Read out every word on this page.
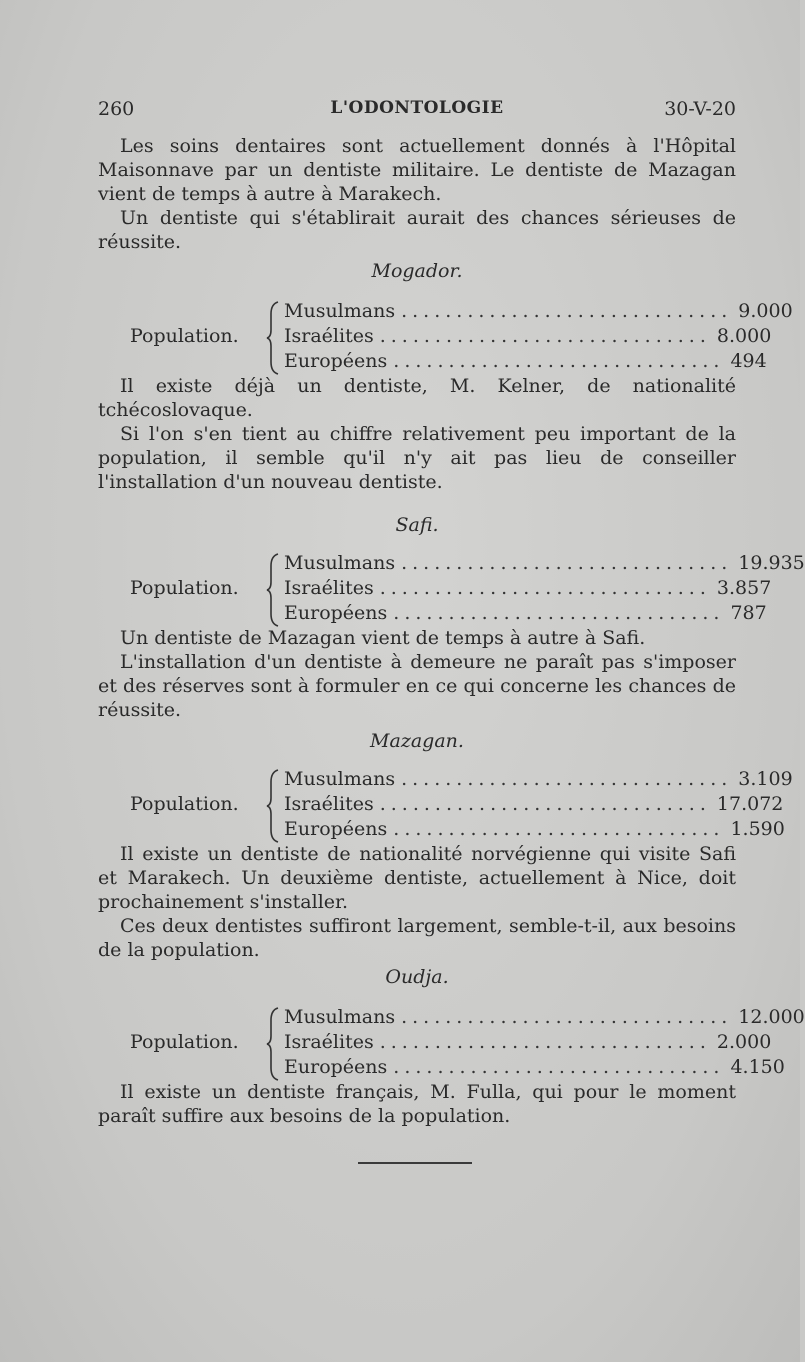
260	L'ODONTOLOGIE	30-V-20
Les soins dentaires sont actuellement donnés à l'Hôpital Maisonnave par un dentiste militaire. Le dentiste de Mazagan vient de temps à autre à Marakech.
Un dentiste qui s'établirait aurait des chances sérieuses de réussite.
Mogador.
Population.
Musulmans .............................. 9.000
Israélites .............................. 8.000
Européens .............................. 494
Il existe déjà un dentiste, M. Kelner, de nationalité tchécoslovaque.
Si l'on s'en tient au chiffre relativement peu important de la population, il semble qu'il n'y ait pas lieu de conseiller l'installation d'un nouveau dentiste.
Safi.
Population.
Musulmans .............................. 19.935
Israélites .............................. 3.857
Européens .............................. 787
Un dentiste de Mazagan vient de temps à autre à Safi.
L'installation d'un dentiste à demeure ne paraît pas s'imposer et des réserves sont à formuler en ce qui concerne les chances de réussite.
Mazagan.
Population.
Musulmans .............................. 3.109
Israélites .............................. 17.072
Européens .............................. 1.590
Il existe un dentiste de nationalité norvégienne qui visite Safi et Marakech. Un deuxième dentiste, actuellement à Nice, doit prochainement s'installer.
Ces deux dentistes suffiront largement, semble-t-il, aux besoins de la population.
Oudja.
Population.
Musulmans .............................. 12.000
Israélites .............................. 2.000
Européens .............................. 4.150
Il existe un dentiste français, M. Fulla, qui pour le moment paraît suffire aux besoins de la population.
